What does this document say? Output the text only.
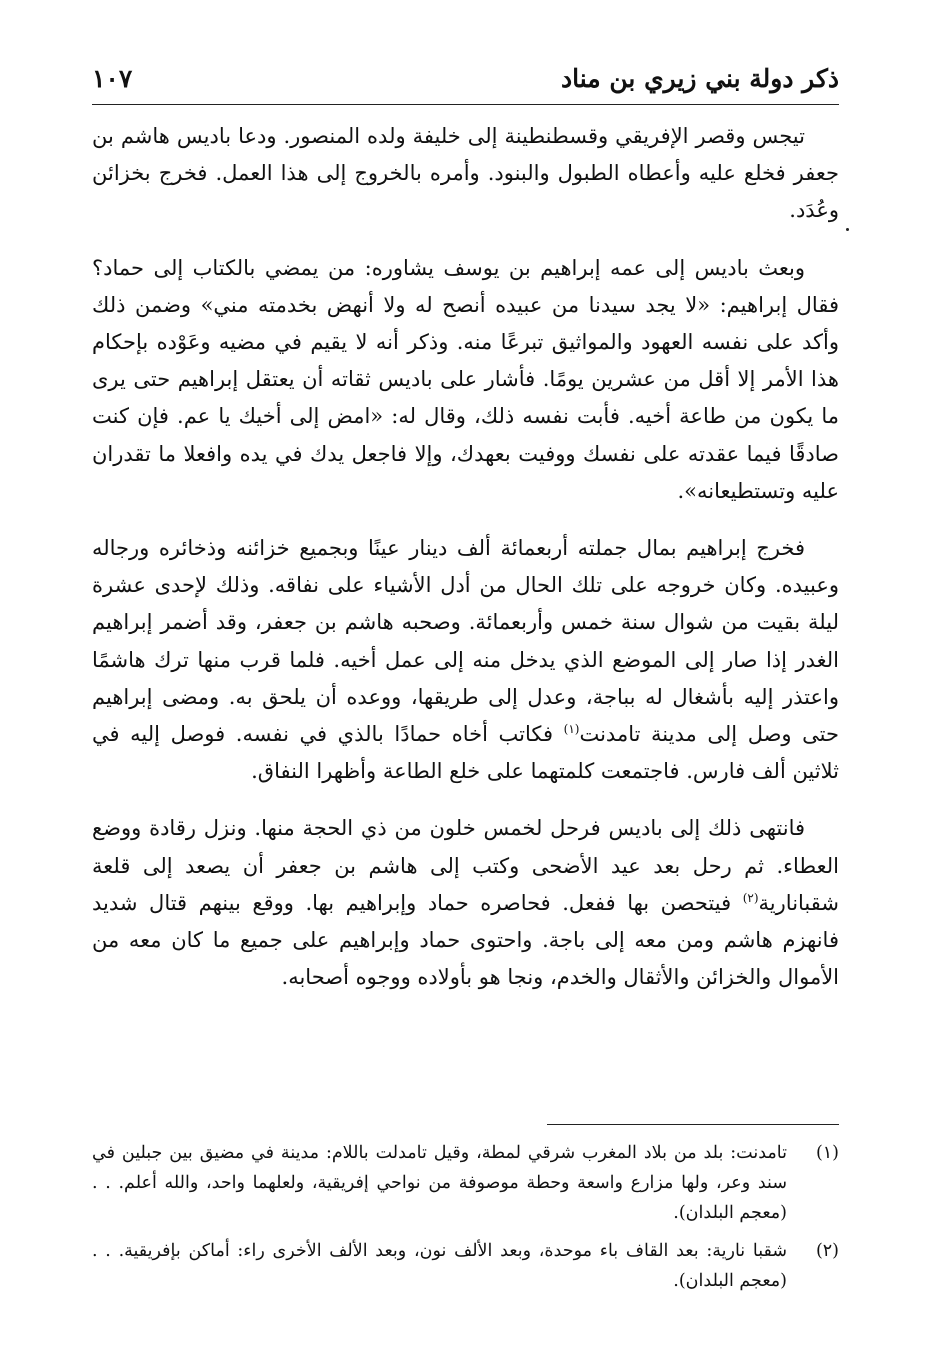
ذكر دولة بني زيري بن مناد
١٠٧

تيجس وقصر الإفريقي وقسطنطينة إلى خليفة ولده المنصور. ودعا باديس هاشم بن جعفر فخلع عليه وأعطاه الطبول والبنود. وأمره بالخروج إلى هذا العمل. فخرج بخزائن وعُدَد.

وبعث باديس إلى عمه إبراهيم بن يوسف يشاوره: من يمضي بالكتاب إلى حماد؟ فقال إبراهيم: «لا يجد سيدنا من عبيده أنصح له ولا أنهض بخدمته مني» وضمن ذلك وأكد على نفسه العهود والمواثيق تبرعًا منه. وذكر أنه لا يقيم في مضيه وعَوْده بإحكام هذا الأمر إلا أقل من عشرين يومًا. فأشار على باديس ثقاته أن يعتقل إبراهيم حتى يرى ما يكون من طاعة أخيه. فأبت نفسه ذلك، وقال له: «امض إلى أخيك يا عم. فإن كنت صادقًا فيما عقدته على نفسك ووفيت بعهدك، وإلا فاجعل يدك في يده وافعلا ما تقدران عليه وتستطيعانه».

فخرج إبراهيم بمال جملته أربعمائة ألف دينار عينًا وبجميع خزائنه وذخائره ورجاله وعبيده. وكان خروجه على تلك الحال من أدل الأشياء على نفاقه. وذلك لإحدى عشرة ليلة بقيت من شوال سنة خمس وأربعمائة. وصحبه هاشم بن جعفر، وقد أضمر إبراهيم الغدر إذا صار إلى الموضع الذي يدخل منه إلى عمل أخيه. فلما قرب منها ترك هاشمًا واعتذر إليه بأشغال له بباجة، وعدل إلى طريقها، ووعده أن يلحق به. ومضى إبراهيم حتى وصل إلى مدينة تامدنت$^{(١)}$ فكاتب أخاه حمادًا بالذي في نفسه. فوصل إليه في ثلاثين ألف فارس. فاجتمعت كلمتهما على خلع الطاعة وأظهرا النفاق.

فانتهى ذلك إلى باديس فرحل لخمس خلون من ذي الحجة منها. ونزل رقادة ووضع العطاء. ثم رحل بعد عيد الأضحى وكتب إلى هاشم بن جعفر أن يصعد إلى قلعة شقبانارية$^{(٢)}$ فيتحصن بها ففعل. فحاصره حماد وإبراهيم بها. ووقع بينهم قتال شديد فانهزم هاشم ومن معه إلى باجة. واحتوى حماد وإبراهيم على جميع ما كان معه من الأموال والخزائن والأثقال والخدم، ونجا هو بأولاده ووجوه أصحابه.

(١)
تامدنت: بلد من بلاد المغرب شرقي لمطة، وقيل تامدلت باللام: مدينة في مضيق بين جبلين في سند وعر، ولها مزارع واسعة وحطة موصوفة من نواحي إفريقية، ولعلهما واحد، والله أعلم. . . (معجم البلدان).
(٢)
شقبا نارية: بعد القاف باء موحدة، وبعد الألف نون، وبعد الألف الأخرى راء: أماكن بإفريقية. . . (معجم البلدان).
